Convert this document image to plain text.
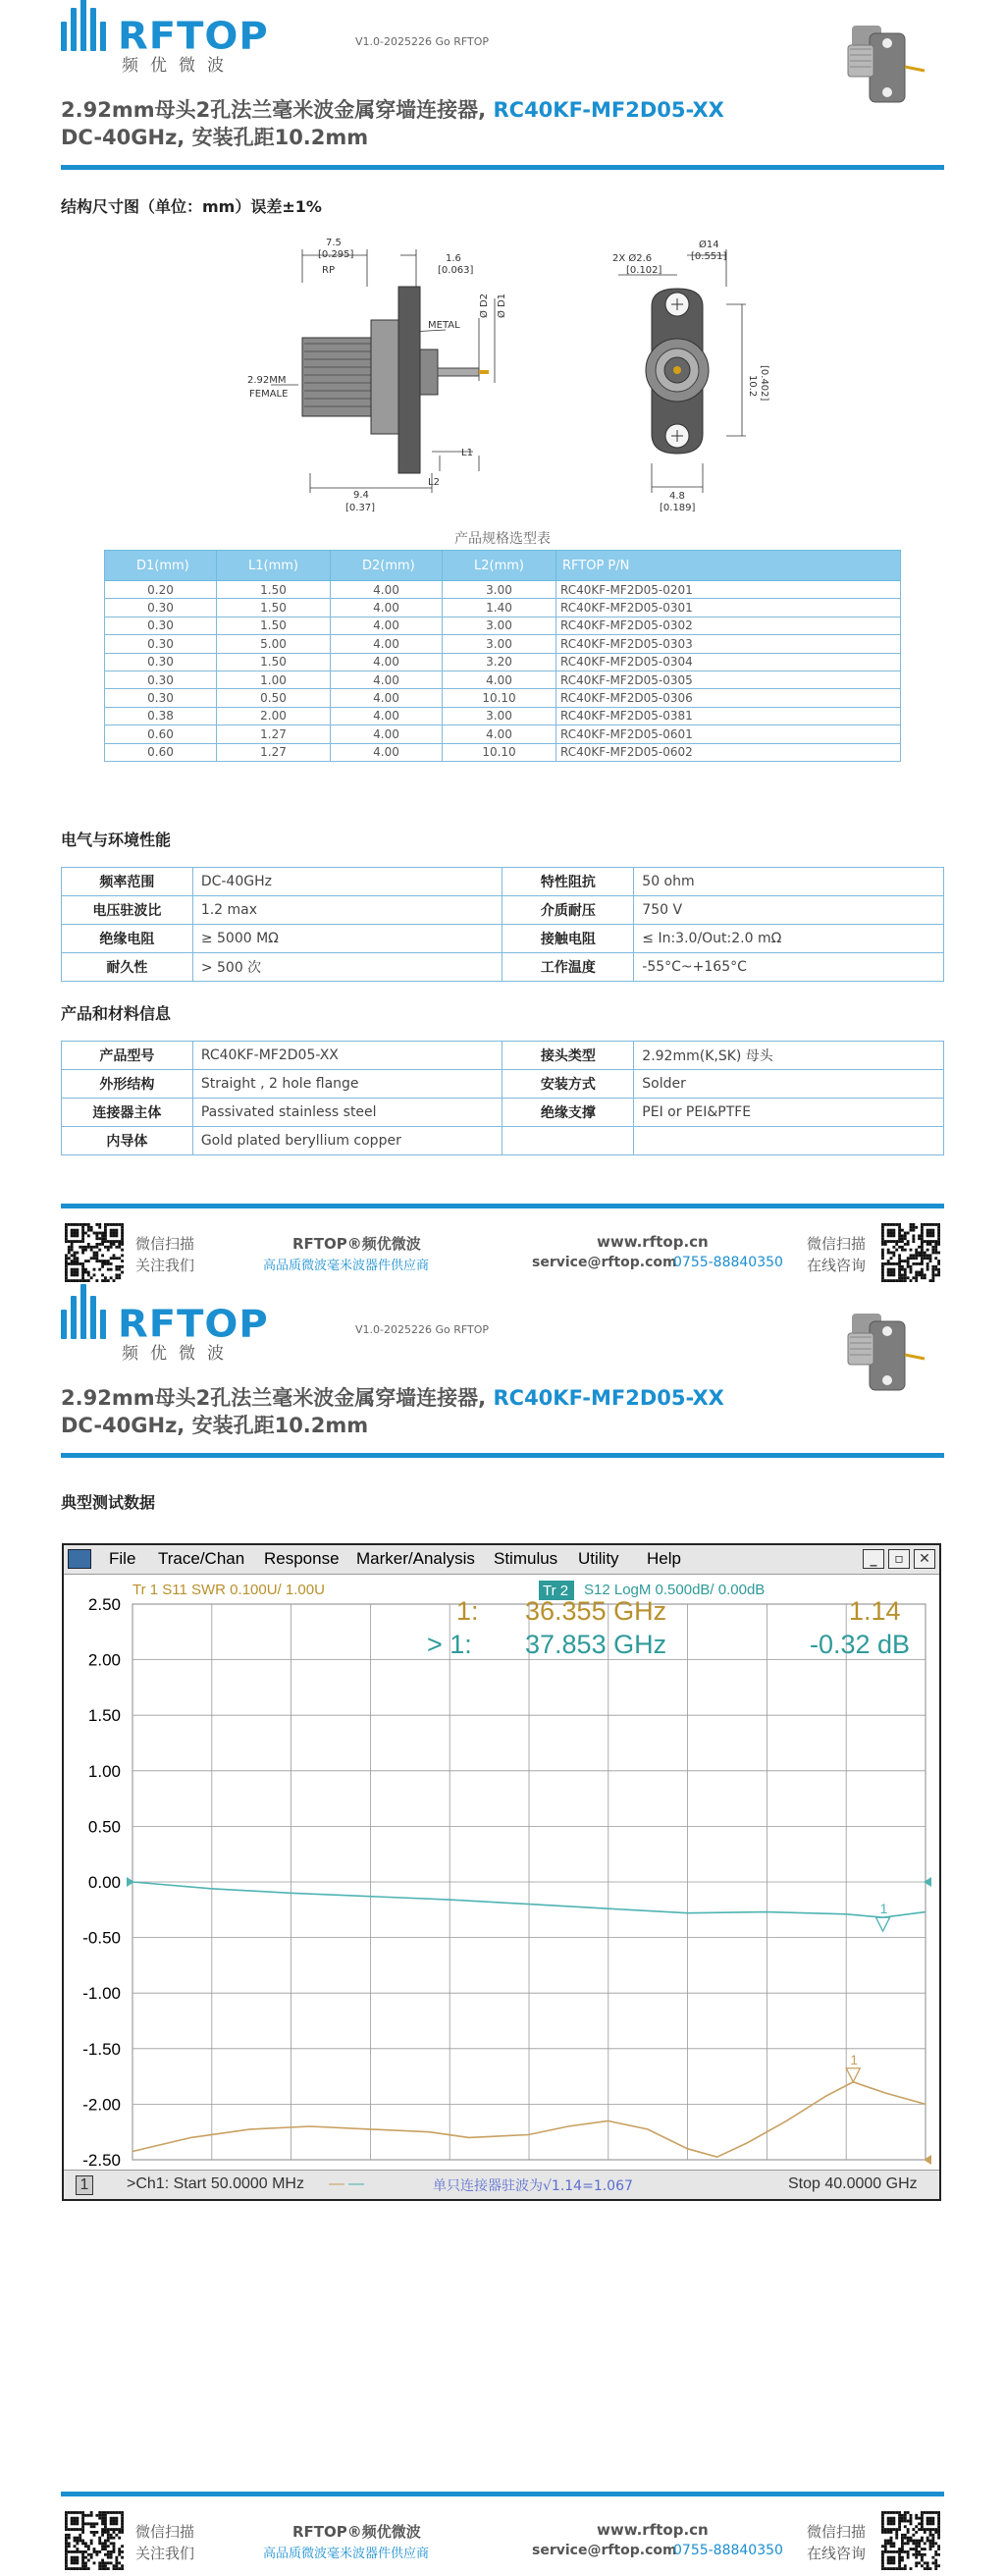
RFTOP
频优微波
V1.0-2025226 Go RFTOP
2.92mm母头2孔法兰毫米波金属穿墙连接器, RC40KF-MF2D05-XX
DC-40GHz, 安装孔距10.2mm
结构尺寸图（单位：mm）误差±1%
7.5
[0.295]
RP
1.6
[0.063]
METAL
2.92MM
FEMALE
9.4
[0.37]
L1
L2
Ø D2 Ø D1
2X Ø2.6
[0.102]
Ø14
[0.551]
10.2 [0.402]
4.8
[0.189]
产品规格选型表
D1(mm)	L1(mm)	D2(mm)	L2(mm)	RFTOP P/N
0.20	1.50	4.00	3.00	RC40KF-MF2D05-0201
0.30	1.50	4.00	1.40	RC40KF-MF2D05-0301
0.30	1.50	4.00	3.00	RC40KF-MF2D05-0302
0.30	5.00	4.00	3.00	RC40KF-MF2D05-0303
0.30	1.50	4.00	3.20	RC40KF-MF2D05-0304
0.30	1.00	4.00	4.00	RC40KF-MF2D05-0305
0.30	0.50	4.00	10.10	RC40KF-MF2D05-0306
0.38	2.00	4.00	3.00	RC40KF-MF2D05-0381
0.60	1.27	4.00	4.00	RC40KF-MF2D05-0601
0.60	1.27	4.00	10.10	RC40KF-MF2D05-0602
电气与环境性能
频率范围	DC-40GHz	特性阻抗	50 ohm
电压驻波比	1.2 max	介质耐压	750 V
绝缘电阻	≥ 5000 MΩ	接触电阻	≤ In:3.0/Out:2.0 mΩ
耐久性	> 500 次	工作温度	-55°C~+165°C
产品和材料信息
产品型号	RC40KF-MF2D05-XX	接头类型	2.92mm(K,SK) 母头
外形结构	Straight , 2 hole flange	安装方式	Solder
连接器主体	Passivated stainless steel	绝缘支撑	PEI or PEI&PTFE
内导体	Gold plated beryllium copper		
微信扫描
关注我们
RFTOP®频优微波
高品质微波毫米波器件供应商
www.rftop.cn
service@rftop.com
0755-88840350
微信扫描
在线咨询
RFTOP
频优微波
V1.0-2025226 Go RFTOP
2.92mm母头2孔法兰毫米波金属穿墙连接器, RC40KF-MF2D05-XX
DC-40GHz, 安装孔距10.2mm
典型测试数据
File Trace/Chan Response Marker/Analysis Stimulus Utility Help	_	▫	✕
2.50
2.00
1.50
1.00
0.50
0.00
-0.50
-1.00
-1.50
-2.00
-2.50
1
1
Tr 1 S11 SWR 0.100U/ 1.00U	Tr 2 S12 LogM 0.500dB/ 0.00dB
1: 36.355 GHz	1.14
> 1: 37.853 GHz	-0.32 dB
1 >Ch1: Start 50.0000 MHz — —	单只连接器驻波为√1.14=1.067	Stop 40.0000 GHz
微信扫描
关注我们
RFTOP®频优微波
高品质微波毫米波器件供应商
www.rftop.cn
service@rftop.com
0755-88840350
微信扫描
在线咨询
